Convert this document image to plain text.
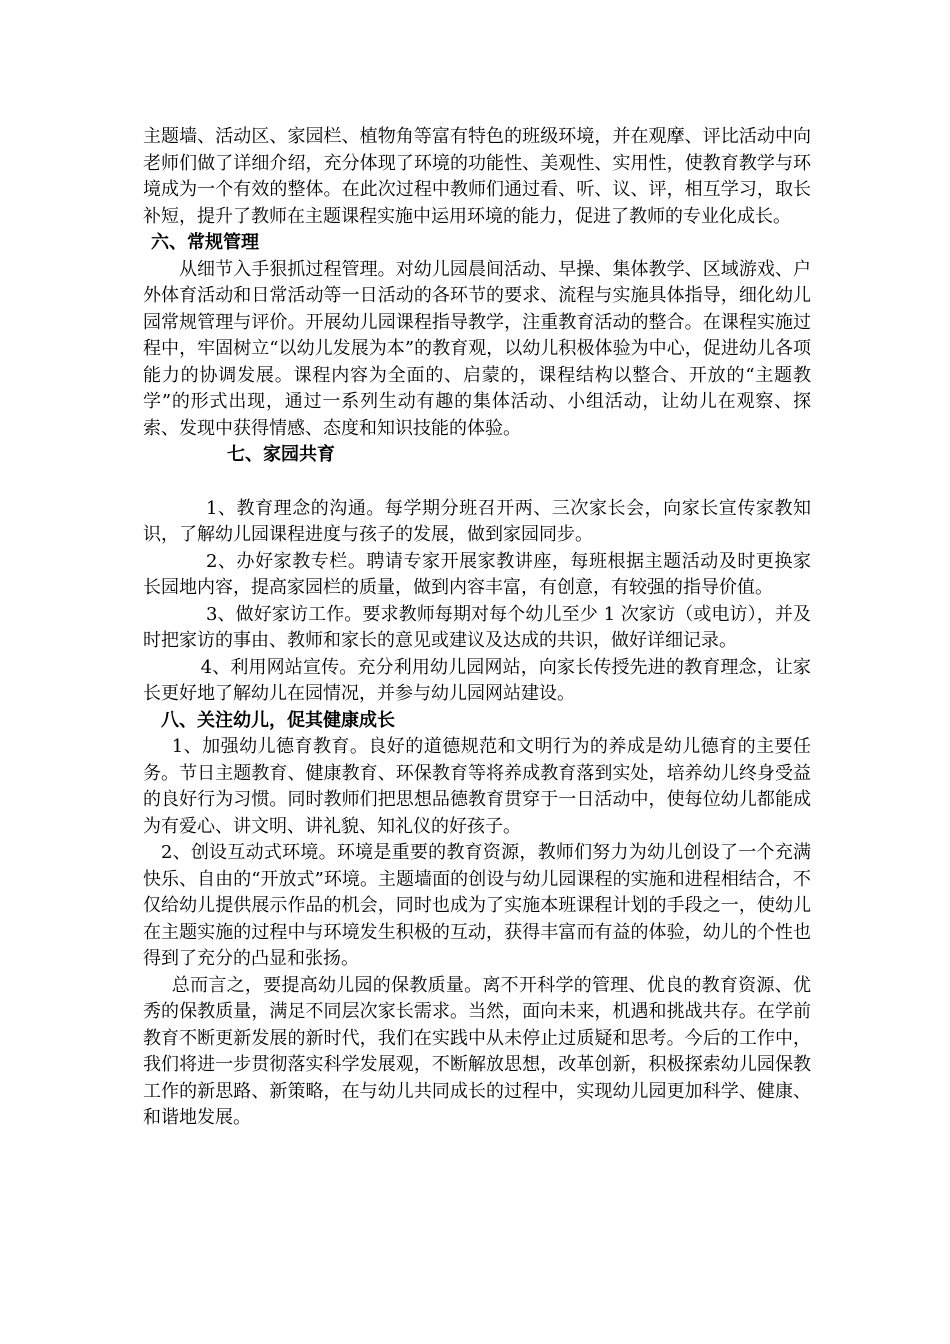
主题墙、活动区、家园栏、植物角等富有特色的班级环境，并在观摩、评比活动中向老师们做了详细介绍，充分体现了环境的功能性、美观性、实用性，使教育教学与环境成为一个有效的整体。在此次过程中教师们通过看、听、议、评，相互学习，取长补短，提升了教师在主题课程实施中运用环境的能力，促进了教师的专业化成长。

六、常规管理

从细节入手狠抓过程管理。对幼儿园晨间活动、早操、集体教学、区域游戏、户外体育活动和日常活动等一日活动的各环节的要求、流程与实施具体指导，细化幼儿园常规管理与评价。开展幼儿园课程指导教学，注重教育活动的整合。在课程实施过程中，牢固树立“以幼儿发展为本”的教育观，以幼儿积极体验为中心，促进幼儿各项能力的协调发展。课程内容为全面的、启蒙的，课程结构以整合、开放的“主题教学”的形式出现，通过一系列生动有趣的集体活动、小组活动，让幼儿在观察、探索、发现中获得情感、态度和知识技能的体验。

七、家园共育

1、教育理念的沟通。每学期分班召开两、三次家长会，向家长宣传家教知识，了解幼儿园课程进度与孩子的发展，做到家园同步。

2、办好家教专栏。聘请专家开展家教讲座，每班根据主题活动及时更换家长园地内容，提高家园栏的质量，做到内容丰富，有创意，有较强的指导价值。

3、做好家访工作。要求教师每期对每个幼儿至少 1 次家访（或电访），并及时把家访的事由、教师和家长的意见或建议及达成的共识，做好详细记录。

4、利用网站宣传。充分利用幼儿园网站，向家长传授先进的教育理念，让家长更好地了解幼儿在园情况，并参与幼儿园网站建设。

八、关注幼儿，促其健康成长

1、加强幼儿德育教育。良好的道德规范和文明行为的养成是幼儿德育的主要任务。节日主题教育、健康教育、环保教育等将养成教育落到实处，培养幼儿终身受益的良好行为习惯。同时教师们把思想品德教育贯穿于一日活动中，使每位幼儿都能成为有爱心、讲文明、讲礼貌、知礼仪的好孩子。

2、创设互动式环境。环境是重要的教育资源，教师们努力为幼儿创设了一个充满快乐、自由的“开放式”环境。主题墙面的创设与幼儿园课程的实施和进程相结合，不仅给幼儿提供展示作品的机会，同时也成为了实施本班课程计划的手段之一，使幼儿在主题实施的过程中与环境发生积极的互动，获得丰富而有益的体验，幼儿的个性也得到了充分的凸显和张扬。

总而言之，要提高幼儿园的保教质量。离不开科学的管理、优良的教育资源、优秀的保教质量，满足不同层次家长需求。当然，面向未来，机遇和挑战共存。在学前教育不断更新发展的新时代，我们在实践中从未停止过质疑和思考。今后的工作中，我们将进一步贯彻落实科学发展观，不断解放思想，改革创新，积极探索幼儿园保教工作的新思路、新策略，在与幼儿共同成长的过程中，实现幼儿园更加科学、健康、和谐地发展。
